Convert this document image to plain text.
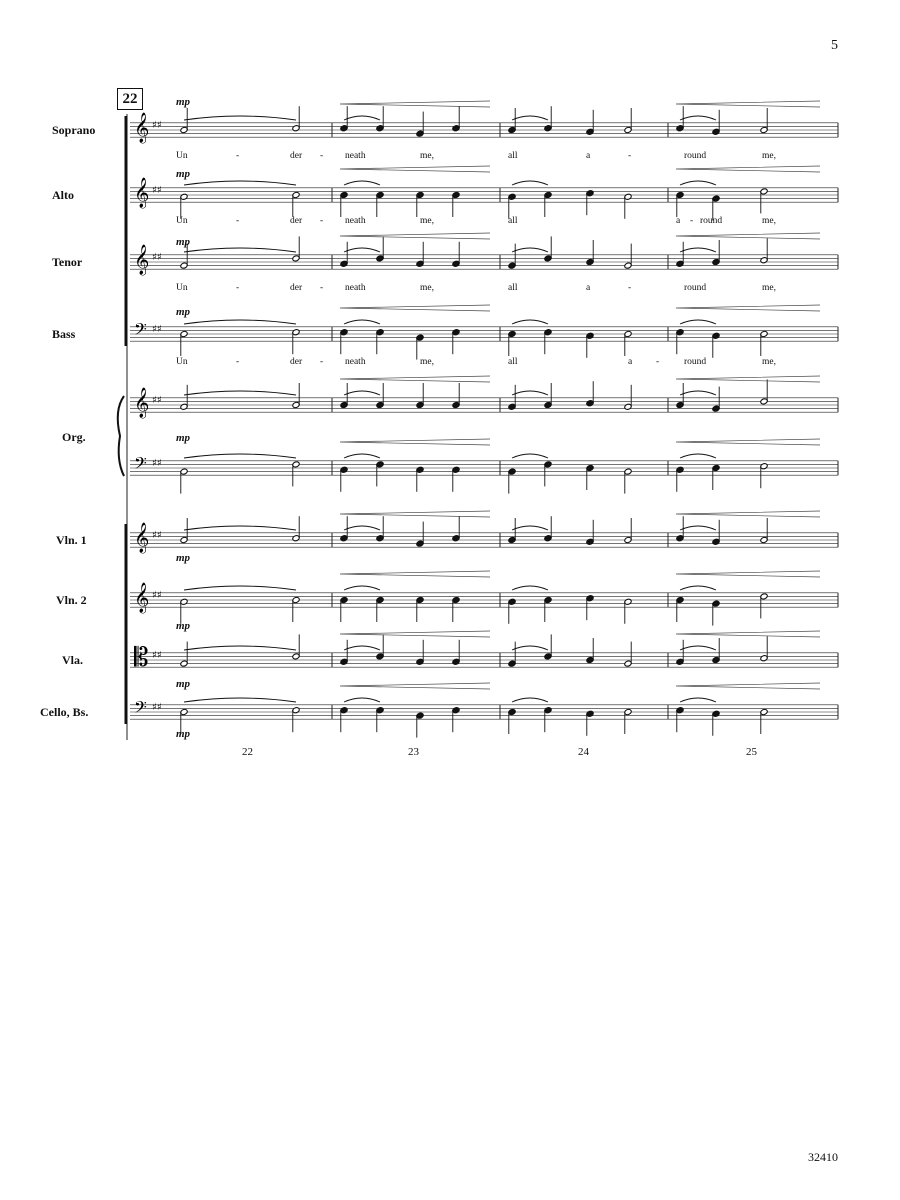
𝄞 ♯♯
𝄞 ♯♯
𝄞 ♯♯
𝄢 ♯♯
𝄞 ♯♯
𝄢 ♯♯
𝄞 ♯♯
𝄞 ♯♯
𝄡 ♯♯
𝄢 ♯♯
5
22
Soprano
Alto
Tenor
Bass
Org.
Vln. 1
Vln. 2
Vla.
Cello, Bs.
mp
mp
mp
mp
mp
mp
mp
mp
mp
Un	-	der - neath	me,	all	a	-	round	me,
Un	-	der - neath	me,	all	a - round	me,
Un	-	der - neath	me,	all	a	-	round	me,
Un	-	der - neath	me,	all	a	-	round	me,
22	23	24	25
32410
